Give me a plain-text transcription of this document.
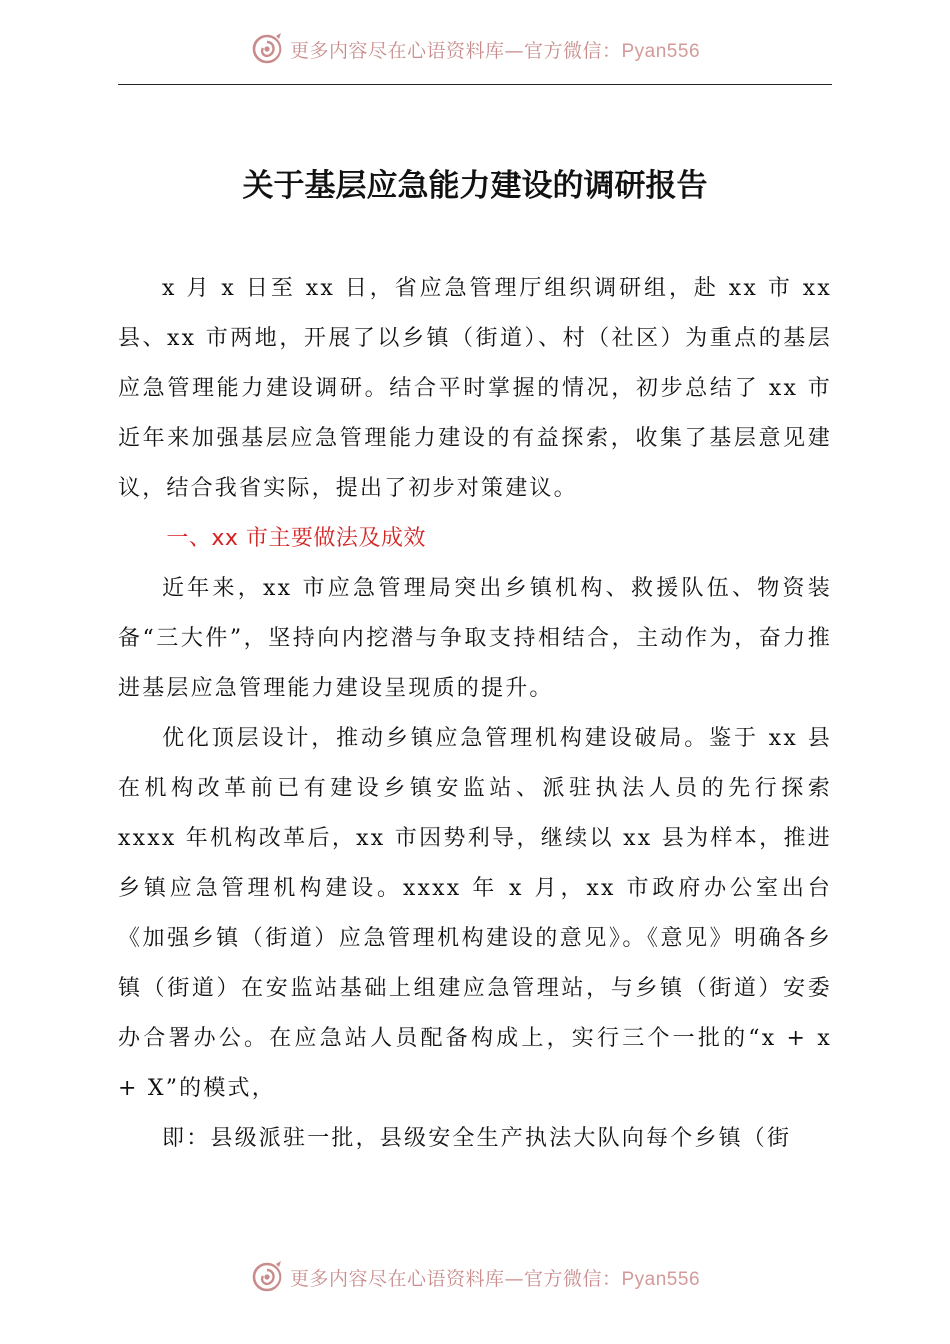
更多内容尽在心语资料库—官方微信：Pyan556
关于基层应急能力建设的调研报告

x 月 x 日至 xx 日，省应急管理厅组织调研组，赴 xx 市 xx 县、xx 市两地，开展了以乡镇（街道）、村（社区）为重点的基层应急管理能力建设调研。结合平时掌握的情况，初步总结了 xx 市近年来加强基层应急管理能力建设的有益探索，收集了基层意见建议，结合我省实际，提出了初步对策建议。

一、xx 市主要做法及成效

近年来，xx 市应急管理局突出乡镇机构、救援队伍、物资装备“三大件”，坚持向内挖潜与争取支持相结合，主动作为，奋力推进基层应急管理能力建设呈现质的提升。

优化顶层设计，推动乡镇应急管理机构建设破局。鉴于 xx 县在机构改革前已有建设乡镇安监站、派驻执法人员的先行探索 xxxx 年机构改革后，xx 市因势利导，继续以 xx 县为样本，推进乡镇应急管理机构建设。xxxx 年 x 月，xx 市政府办公室出台《加强乡镇（街道）应急管理机构建设的意见》。《意见》明确各乡镇（街道）在安监站基础上组建应急管理站，与乡镇（街道）安委办合署办公。在应急站人员配备构成上，实行三个一批的“x + x + X”的模式，

即：县级派驻一批，县级安全生产执法大队向每个乡镇（街

更多内容尽在心语资料库—官方微信：Pyan556
